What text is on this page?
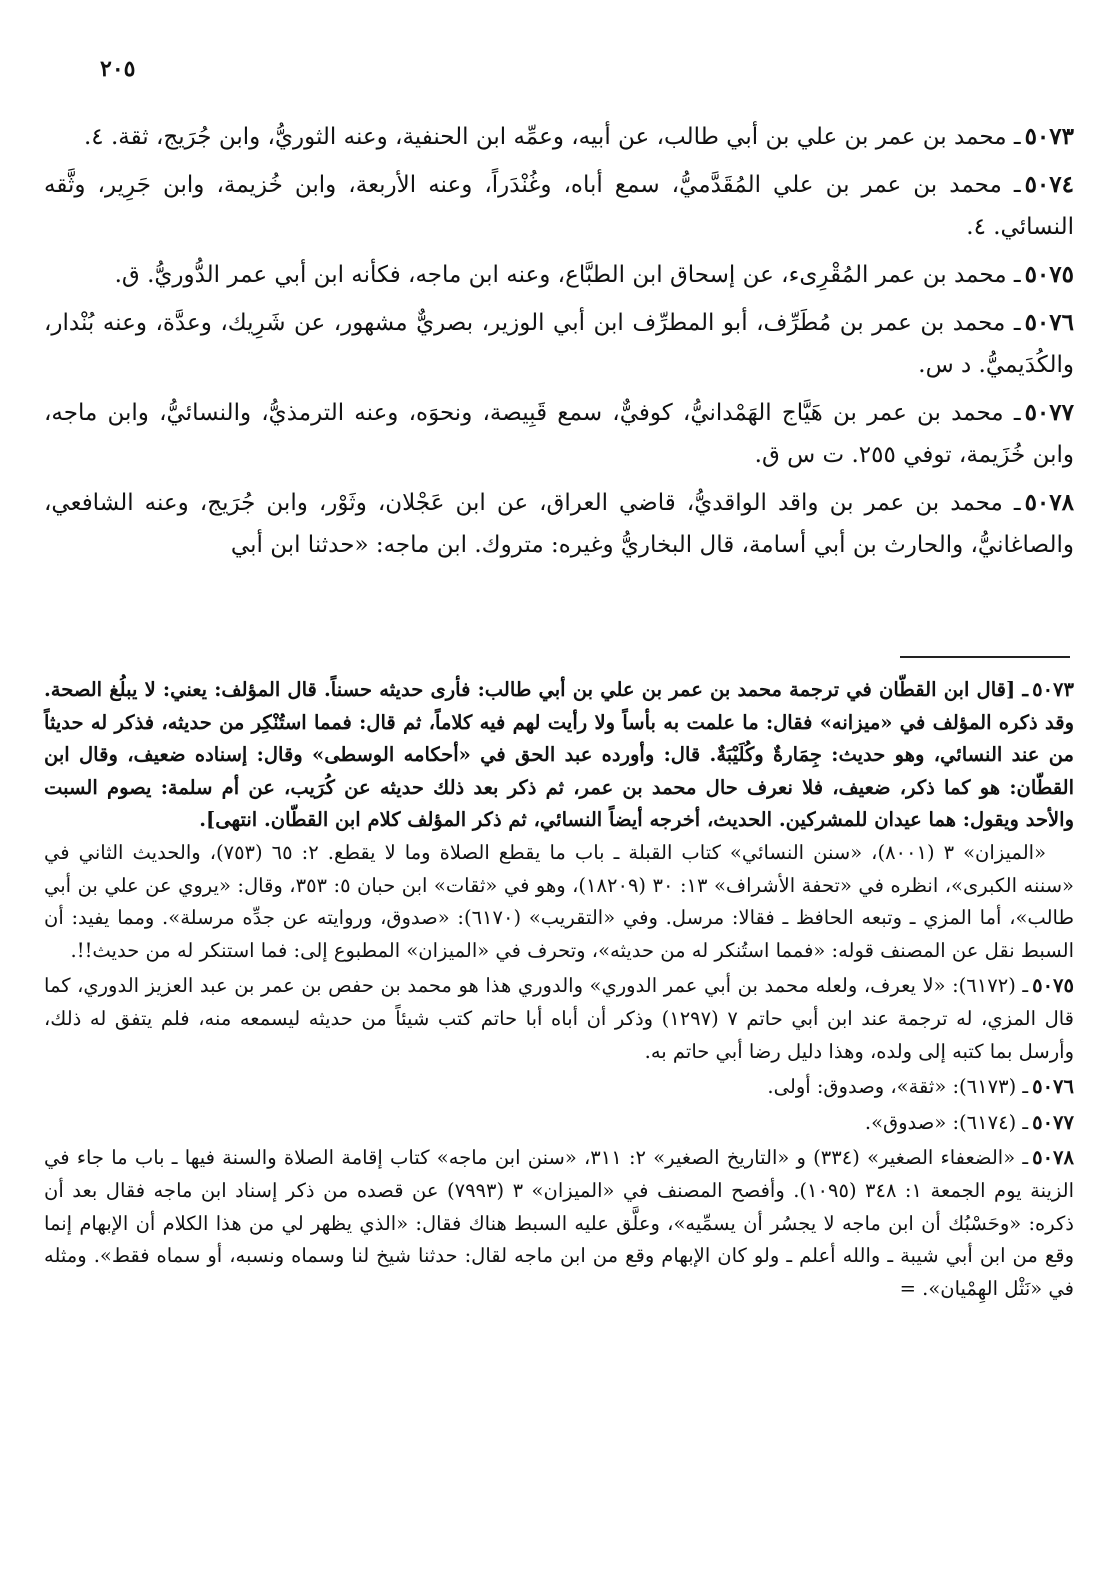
٢٠٥

٥٠٧٣ـ محمد بن عمر بن علي بن أبي طالب، عن أبيه، وعمِّه ابن الحنفية، وعنه الثوريُّ، وابن جُرَيج، ثقة. ٤.

٥٠٧٤ـ محمد بن عمر بن علي المُقَدَّميُّ، سمع أباه، وغُنْدَراً، وعنه الأربعة، وابن خُزيمة، وابن جَرِير، وثَّقه النسائي. ٤.

٥٠٧٥ـ محمد بن عمر المُقْرِىء، عن إسحاق ابن الطبَّاع، وعنه ابن ماجه، فكأنه ابن أبي عمر الدُّوريُّ. ق.

٥٠٧٦ـ محمد بن عمر بن مُطَرِّف، أبو المطرِّف ابن أبي الوزير، بصريٌّ مشهور، عن شَرِيك، وعدَّة، وعنه بُنْدار، والكُدَيميُّ. د س.

٥٠٧٧ـ محمد بن عمر بن هَيَّاج الهَمْدانيُّ، كوفيٌّ، سمع قَبِيصة، ونحوَه، وعنه الترمذيُّ، والنسائيُّ، وابن ماجه، وابن خُزَيمة، توفي ٢٥٥. ت س ق.

٥٠٧٨ـ محمد بن عمر بن واقد الواقديُّ، قاضي العراق، عن ابن عَجْلان، وثَوْر، وابن جُرَيج، وعنه الشافعي، والصاغانيُّ، والحارث بن أبي أسامة، قال البخاريُّ وغيره: متروك. ابن ماجه: «حدثنا ابن أبي

٥٠٧٣ـ [قال ابن القطّان في ترجمة محمد بن عمر بن علي بن أبي طالب: فأرى حديثه حسناً. قال المؤلف: يعني: لا يبلُغ الصحة. وقد ذكره المؤلف في «ميزانه» فقال: ما علمت به بأساً ولا رأيت لهم فيه كلاماً، ثم قال: فمما استُنْكِر من حديثه، فذكر له حديثاً من عند النسائي، وهو حديث: جِمَارةٌ وكُلَيْبَةٌ. قال: وأورده عبد الحق في «أحكامه الوسطى» وقال: إسناده ضعيف، وقال ابن القطّان: هو كما ذكر، ضعيف، فلا نعرف حال محمد بن عمر، ثم ذكر بعد ذلك حديثه عن كُرَيب، عن أم سلمة: يصوم السبت والأحد ويقول: هما عيدان للمشركين. الحديث، أخرجه أيضاً النسائي، ثم ذكر المؤلف كلام ابن القطّان. انتهى].
«الميزان» ٣ (٨٠٠١)، «سنن النسائي» كتاب القبلة ـ باب ما يقطع الصلاة وما لا يقطع. ٢: ٦٥ (٧٥٣)، والحديث الثاني في «سننه الكبرى»، انظره في «تحفة الأشراف» ١٣: ٣٠ (١٨٢٠٩)، وهو في «ثقات» ابن حبان ٥: ٣٥٣، وقال: «يروي عن علي بن أبي طالب»، أما المزي ـ وتبعه الحافظ ـ فقالا: مرسل. وفي «التقريب» (٦١٧٠): «صدوق، وروايته عن جدِّه مرسلة». ومما يفيد: أن السبط نقل عن المصنف قوله: «فمما استُنكر له من حديثه»، وتحرف في «الميزان» المطبوع إلى: فما استنكر له من حديث!!.
٥٠٧٥ـ (٦١٧٢): «لا يعرف، ولعله محمد بن أبي عمر الدوري» والدوري هذا هو محمد بن حفص بن عمر بن عبد العزيز الدوري، كما قال المزي، له ترجمة عند ابن أبي حاتم ٧ (١٢٩٧) وذكر أن أباه أبا حاتم كتب شيئاً من حديثه ليسمعه منه، فلم يتفق له ذلك، وأرسل بما كتبه إلى ولده، وهذا دليل رضا أبي حاتم به.
٥٠٧٦ـ (٦١٧٣): «ثقة»، وصدوق: أولى.
٥٠٧٧ـ (٦١٧٤): «صدوق».
٥٠٧٨ـ «الضعفاء الصغير» (٣٣٤) و «التاريخ الصغير» ٢: ٣١١، «سنن ابن ماجه» كتاب إقامة الصلاة والسنة فيها ـ باب ما جاء في الزينة يوم الجمعة ١: ٣٤٨ (١٠٩٥). وأفصح المصنف في «الميزان» ٣ (٧٩٩٣) عن قصده من ذكر إسناد ابن ماجه فقال بعد أن ذكره: «وحَسْبُك أن ابن ماجه لا يجسُر أن يسمِّيه»، وعلَّق عليه السبط هناك فقال: «الذي يظهر لي من هذا الكلام أن الإبهام إنما وقع من ابن أبي شيبة ـ والله أعلم ـ ولو كان الإبهام وقع من ابن ماجه لقال: حدثنا شيخ لنا وسماه ونسبه، أو سماه فقط». ومثله في «نَثْل الهِمْيان». =
